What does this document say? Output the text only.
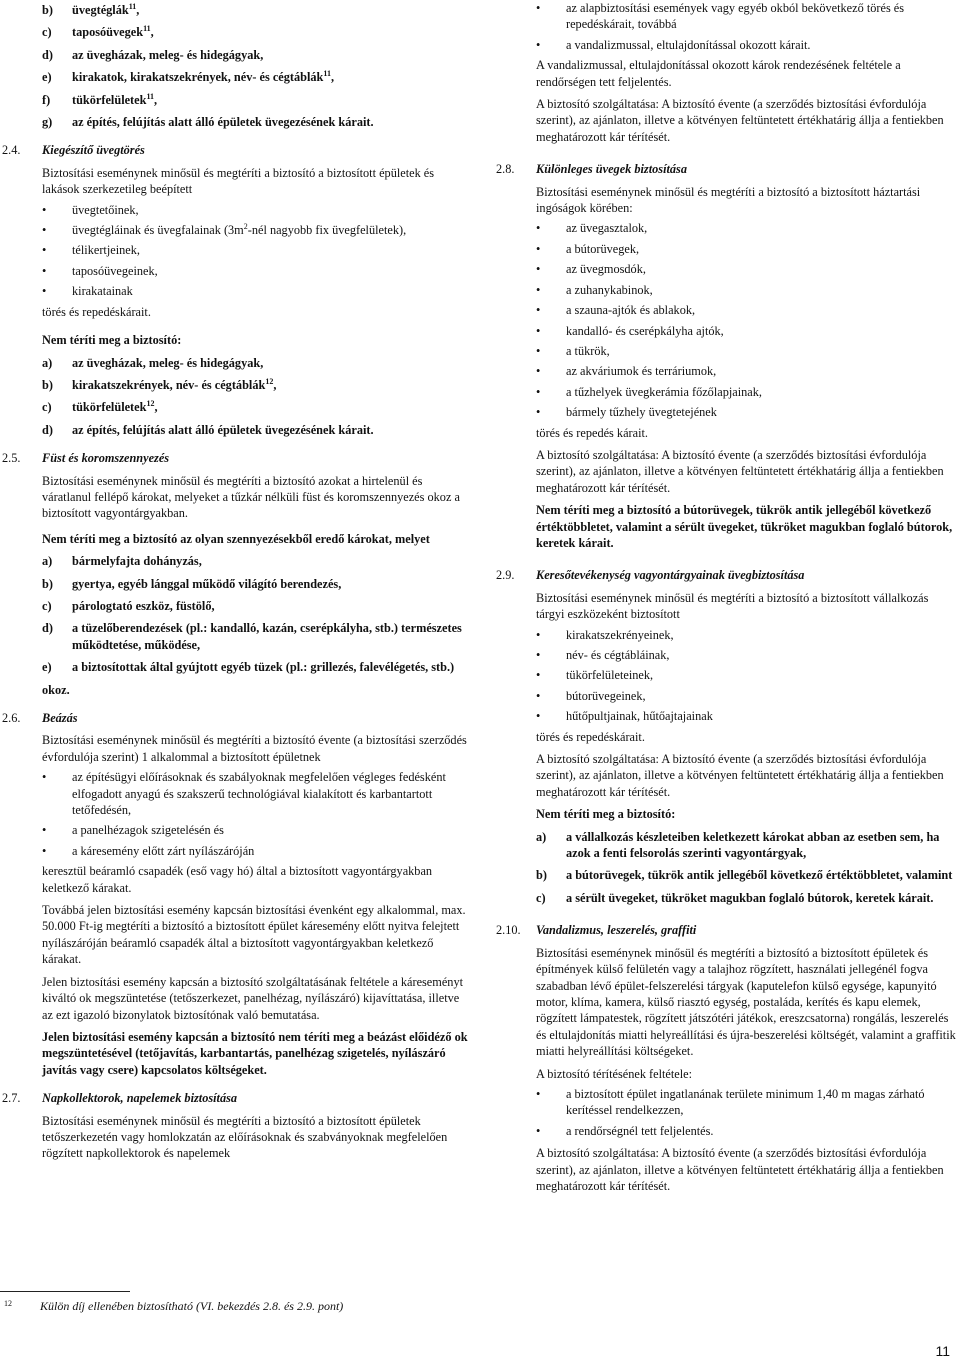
b)	üvegtéglák$^{11}$,
c)	taposóüvegek$^{11}$,
d)	az üvegházak, meleg- és hidegágyak,
e)	kirakatok, kirakatszekrények, név- és cégtáblák$^{11}$,
f)	tükörfelületek$^{11}$,
g)	az építés, felújítás alatt álló épületek üvegezésének kárait.
2.4.	Kiegészítő üvegtörés

Biztosítási eseménynek minősül és megtéríti a biztosító a biztosított épületek és lakások szerkezetileg beépített

•	üvegtetőinek,
•	üvegtégláinak és üvegfalainak ($3m^2$-nél nagyobb fix üvegfelületek),
•	télikertjeinek,
•	taposóüvegeinek,
•	kirakatainak

törés és repedéskárait.

Nem téríti meg a biztosító:

a)	az üvegházak, meleg- és hidegágyak,
b)	kirakatszekrények, név- és cégtáblák$^{12}$,
c)	tükörfelületek$^{12}$,
d)	az építés, felújítás alatt álló épületek üvegezésének kárait.
2.5.	Füst és koromszennyezés

Biztosítási eseménynek minősül és megtéríti a biztosító azokat a hirtelenül és váratlanul fellépő károkat, melyeket a tűzkár nélküli füst és koromszennyezés okoz a biztosított vagyontárgyakban.

Nem téríti meg a biztosító az olyan szennyezésekből eredő károkat, melyet

a)	bármelyfajta dohányzás,
b)	gyertya, egyéb lánggal működő világító berendezés,
c)	párologtató eszköz, füstölő,
d)	a tüzelőberendezések (pl.: kandalló, kazán, cserépkályha, stb.) természetes működtetése, működése,
e)	a biztosítottak által gyújtott egyéb tüzek (pl.: grillezés, falevélégetés, stb.)

okoz.

2.6.	Beázás

Biztosítási eseménynek minősül és megtéríti a biztosító évente (a biztosítási szerződés évfordulója szerint) 1 alkalommal a biztosított épületnek

•	az építésügyi előírásoknak és szabályoknak megfelelően végleges fedésként elfogadott anyagú és szakszerű technológiával kialakított és karbantartott tetőfedésén,
•	a panelhézagok szigetelésén és
•	a káresemény előtt zárt nyílászáróján

keresztül beáramló csapadék (eső vagy hó) által a biztosított vagyontárgyakban keletkező kárakat.

Továbbá jelen biztosítási esemény kapcsán biztosítási évenként egy alkalommal, max. 50.000 Ft-ig megtéríti a biztosító a biztosított épület káresemény előtt nyitva felejtett nyílászáróján beáramló csapadék által a biztosított vagyontárgyakban keletkező kárakat.

Jelen biztosítási esemény kapcsán a biztosító szolgáltatásának feltétele a káreseményt kiváltó ok megszüntetése (tetőszerkezet, panelhézag, nyílászáró) kijavíttatása, illetve az ezt igazoló bizonylatok biztosítónak való bemutatása.

Jelen biztosítási esemény kapcsán a biztosító nem téríti meg a beázást előidéző ok megszüntetésével (tetőjavítás, karbantartás, panelhézag szigetelés, nyílászáró javítás vagy csere) kapcsolatos költségeket.

2.7.	Napkollektorok, napelemek biztosítása

Biztosítási eseménynek minősül és megtéríti a biztosító a biztosított épületek tetőszerkezetén vagy homlokzatán az előírásoknak és szabványoknak megfelelően rögzített napkollektorok és napelemek

•	az alapbiztosítási események vagy egyéb okból bekövetkező törés és repedéskárait, továbbá
•	a vandalizmussal, eltulajdonítással okozott kárait.

A vandalizmussal, eltulajdonítással okozott károk rendezésének feltétele a rendőrségen tett feljelentés.

A biztosító szolgáltatása: A biztosító évente (a szerződés biztosítási évfordulója szerint), az ajánlaton, illetve a kötvényen feltüntetett értékhatárig állja a fentiekben meghatározott kár térítését.

2.8.	Különleges üvegek biztosítása

Biztosítási eseménynek minősül és megtéríti a biztosító a biztosított háztartási ingóságok körében:

•	az üvegasztalok,
•	a bútorüvegek,
•	az üvegmosdók,
•	a zuhanykabinok,
•	a szauna-ajtók és ablakok,
•	kandalló- és cserépkályha ajtók,
•	a tükrök,
•	az akváriumok és terráriumok,
•	a tűzhelyek üvegkerámia főzőlapjainak,
•	bármely tűzhely üvegtetejének

törés és repedés kárait.

A biztosító szolgáltatása: A biztosító évente (a szerződés biztosítási évfordulója szerint), az ajánlaton, illetve a kötvényen feltüntetett értékhatárig állja a fentiekben meghatározott kár térítését.

Nem téríti meg a biztosító a bútorüvegek, tükrök antik jellegéből következő értéktöbbletet, valamint a sérült üvegeket, tükröket magukban foglaló bútorok, keretek kárait.

2.9.	Keresőtevékenység vagyontárgyainak üvegbiztosítása

Biztosítási eseménynek minősül és megtéríti a biztosító a biztosított vállalkozás tárgyi eszközeként biztosított

•	kirakatszekrényeinek,
•	név- és cégtábláinak,
•	tükörfelületeinek,
•	bútorüvegeinek,
•	hűtőpultjainak, hűtőajtajainak

törés és repedéskárait.

A biztosító szolgáltatása: A biztosító évente (a szerződés biztosítási évfordulója szerint), az ajánlaton, illetve a kötvényen feltüntetett értékhatárig állja a fentiekben meghatározott kár térítését.

Nem téríti meg a biztosító:

a)	a vállalkozás készleteiben keletkezett károkat abban az esetben sem, ha azok a fenti felsorolás szerinti vagyontárgyak,
b)	a bútorüvegek, tükrök antik jellegéből következő értéktöbbletet, valamint
c)	a sérült üvegeket, tükröket magukban foglaló bútorok, keretek kárait.
2.10.	Vandalizmus, leszerelés, graffiti

Biztosítási eseménynek minősül és megtéríti a biztosító a biztosított épületek és építmények külső felületén vagy a talajhoz rögzített, használati jellegénél fogva szabadban lévő épület-felszerelési tárgyak (kaputelefon külső egysége, kapunyitó motor, klíma, kamera, külső riasztó egység, postaláda, kerítés és kapu elemek, rögzített lámpatestek, rögzített játszótéri játékok, ereszcsatorna) rongálás, leszerelés és eltulajdonítás miatti helyreállítási és újra-beszerelési költségét, valamint a graffitik miatti helyreállítási költségeket.

A biztosító térítésének feltétele:

•	a biztosított épület ingatlanának területe minimum 1,40 m magas zárható kerítéssel rendelkezzen,
•	a rendőrségnél tett feljelentés.

A biztosító szolgáltatása: A biztosító évente (a szerződés biztosítási évfordulója szerint), az ajánlaton, illetve a kötvényen feltüntetett értékhatárig állja a fentiekben meghatározott kár térítését.

12	Külön díj ellenében biztosítható (VI. bekezdés 2.8. és 2.9. pont)
11
